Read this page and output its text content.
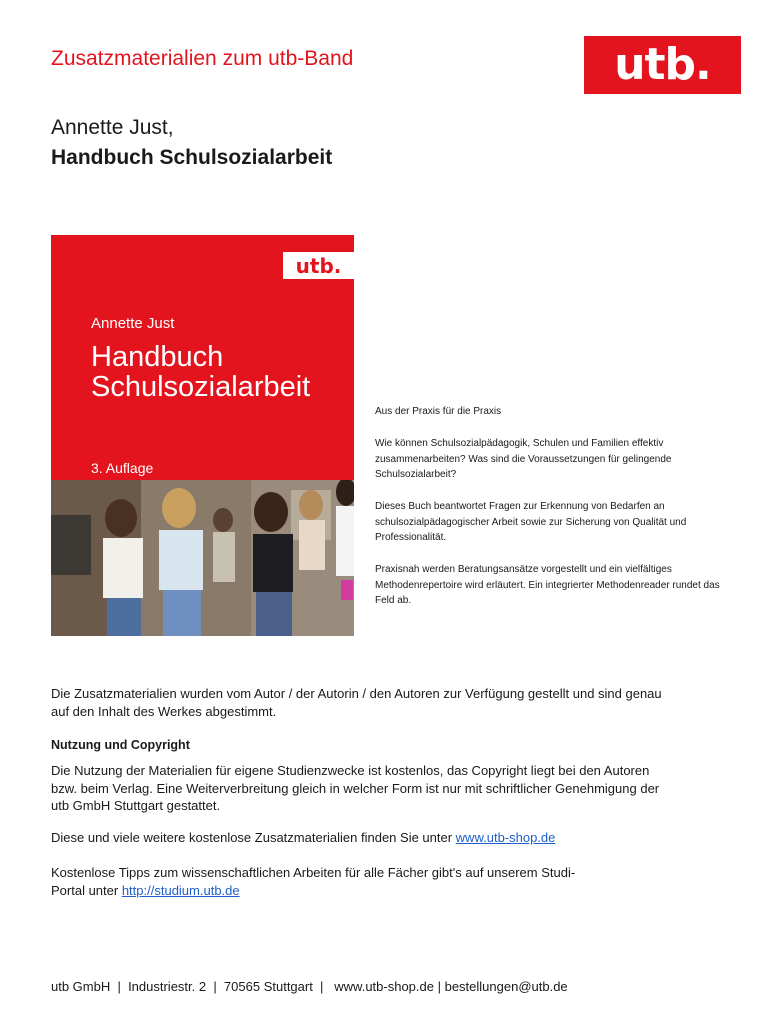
Zusatzmaterialien zum utb-Band	utb.
Annette Just,
Handbuch Schulsozialarbeit
utb.
Annette Just
Handbuch
Schulsozialarbeit
3. Auflage
Aus der Praxis für die Praxis
Wie können Schulsozialpädagogik, Schulen und Familien effektiv zusammenarbeiten? Was sind die Voraussetzungen für gelingende Schulsozialarbeit?
Dieses Buch beantwortet Fragen zur Erkennung von Bedarfen an schulsozialpädagogischer Arbeit sowie zur Sicherung von Qualität und Professionalität.
Praxisnah werden Beratungsansätze vorgestellt und ein vielfältiges Methodenrepertoire wird erläutert. Ein integrierter Methodenreader rundet das Feld ab.
Die Zusatzmaterialien wurden vom Autor / der Autorin / den Autoren zur Verfügung gestellt und sind genau auf den Inhalt des Werkes abgestimmt.
Nutzung und Copyright
Die Nutzung der Materialien für eigene Studienzwecke ist kostenlos, das Copyright liegt bei den Autoren bzw. beim Verlag. Eine Weiterverbreitung gleich in welcher Form ist nur mit schriftlicher Genehmigung der utb GmbH Stuttgart gestattet.
Diese und viele weitere kostenlose Zusatzmaterialien finden Sie unter www.utb-shop.de
Kostenlose Tipps zum wissenschaftlichen Arbeiten für alle Fächer gibt's auf unserem Studi-Portal unter http://studium.utb.de
utb GmbH  |  Industriestr. 2  |  70565 Stuttgart  |   www.utb-shop.de | bestellungen@utb.de
